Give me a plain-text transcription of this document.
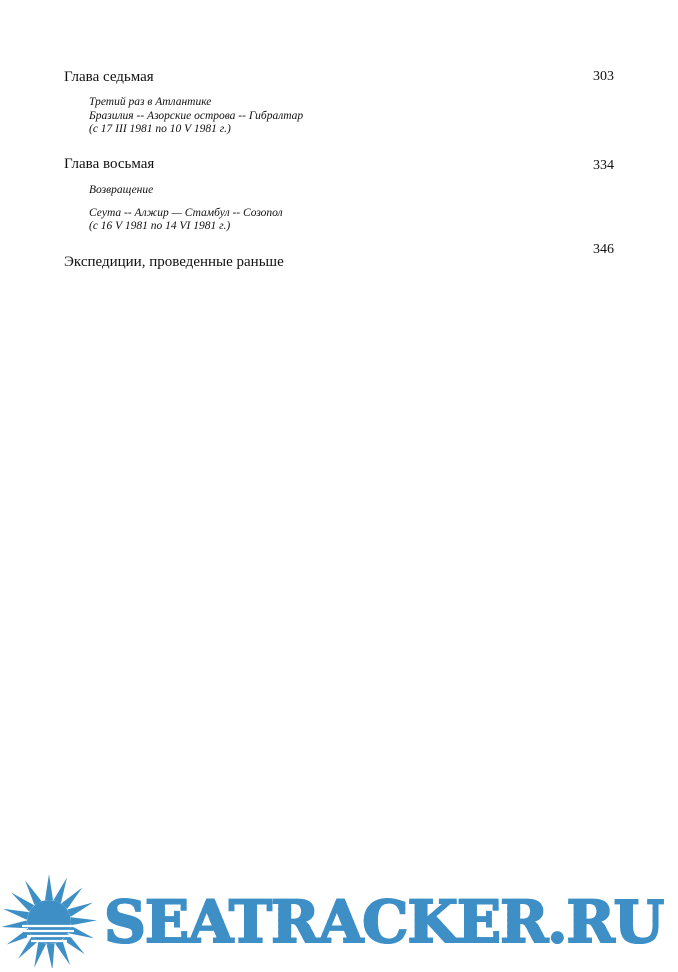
Глава седьмая	303
Третий раз в Атлантике
Бразилия -- Азорские острова -- Гибралтар
(с 17 III 1981 по 10 V 1981 г.)
Глава восьмая	334
Возвращение
Сеута -- Алжир — Стамбул -- Созопол
(с 16 V 1981 по 14 VI 1981 г.)
346
Экспедиции, проведенные раньше
SEATRACKER.RU
